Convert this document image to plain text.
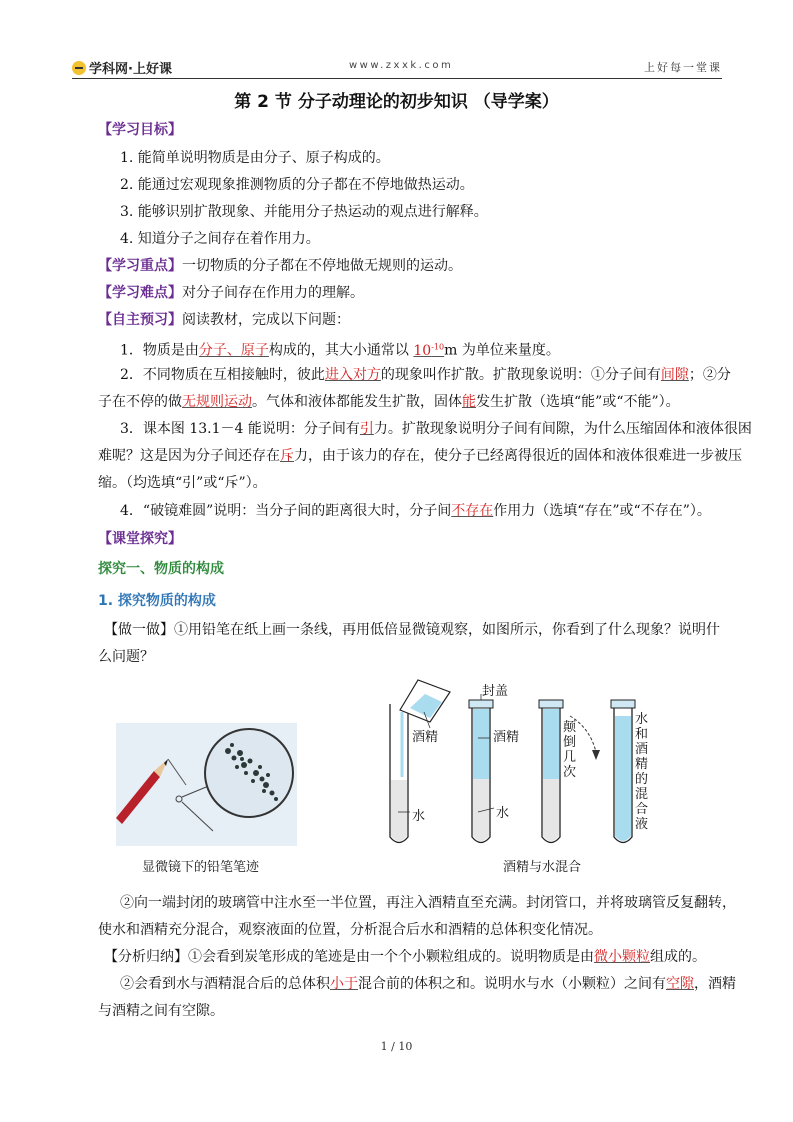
学科网·上好课	www.zxxk.com	上好每一堂课
第 2 节 分子动理论的初步知识 （导学案）
【学习目标】
1. 能简单说明物质是由分子、原子构成的。
2. 能通过宏观现象推测物质的分子都在不停地做热运动。
3. 能够识别扩散现象、并能用分子热运动的观点进行解释。
4. 知道分子之间存在着作用力。
【学习重点】一切物质的分子都在不停地做无规则的运动。
【学习难点】对分子间存在作用力的理解。
【自主预习】阅读教材，完成以下问题：
1．物质是由分子、原子构成的，其大小通常以 $10^{-10}m$ 为单位来量度。
2．不同物质在互相接触时，彼此进入对方的现象叫作扩散。扩散现象说明：①分子间有间隙；②分
子在不停的做无规则运动。气体和液体都能发生扩散，固体能发生扩散（选填“能”或“不能”）。
3．课本图 13.1－4 能说明：分子间有引力。扩散现象说明分子间有间隙，为什么压缩固体和液体很困
难呢？这是因为分子间还存在斥力，由于该力的存在，使分子已经离得很近的固体和液体很难进一步被压
缩。（均选填“引”或“斥”）。
4．“破镜难圆”说明：当分子间的距离很大时，分子间不存在作用力（选填“存在”或“不存在”）。
【课堂探究】
探究一、物质的构成
1. 探究物质的构成
【做一做】①用铅笔在纸上画一条线，再用低倍显微镜观察，如图所示，你看到了什么现象？说明什
么问题？
显微镜下的铅笔笔迹
酒精
水
封盖
酒精
水
颠倒几次
水和酒精的混合液
酒精与水混合
②向一端封闭的玻璃管中注水至一半位置，再注入酒精直至充满。封闭管口，并将玻璃管反复翻转，
使水和酒精充分混合，观察液面的位置，分析混合后水和酒精的总体积变化情况。
【分析归纳】①会看到炭笔形成的笔迹是由一个个小颗粒组成的。说明物质是由微小颗粒组成的。
②会看到水与酒精混合后的总体积小于混合前的体积之和。说明水与水（小颗粒）之间有空隙，酒精
与酒精之间有空隙。
1 / 10
